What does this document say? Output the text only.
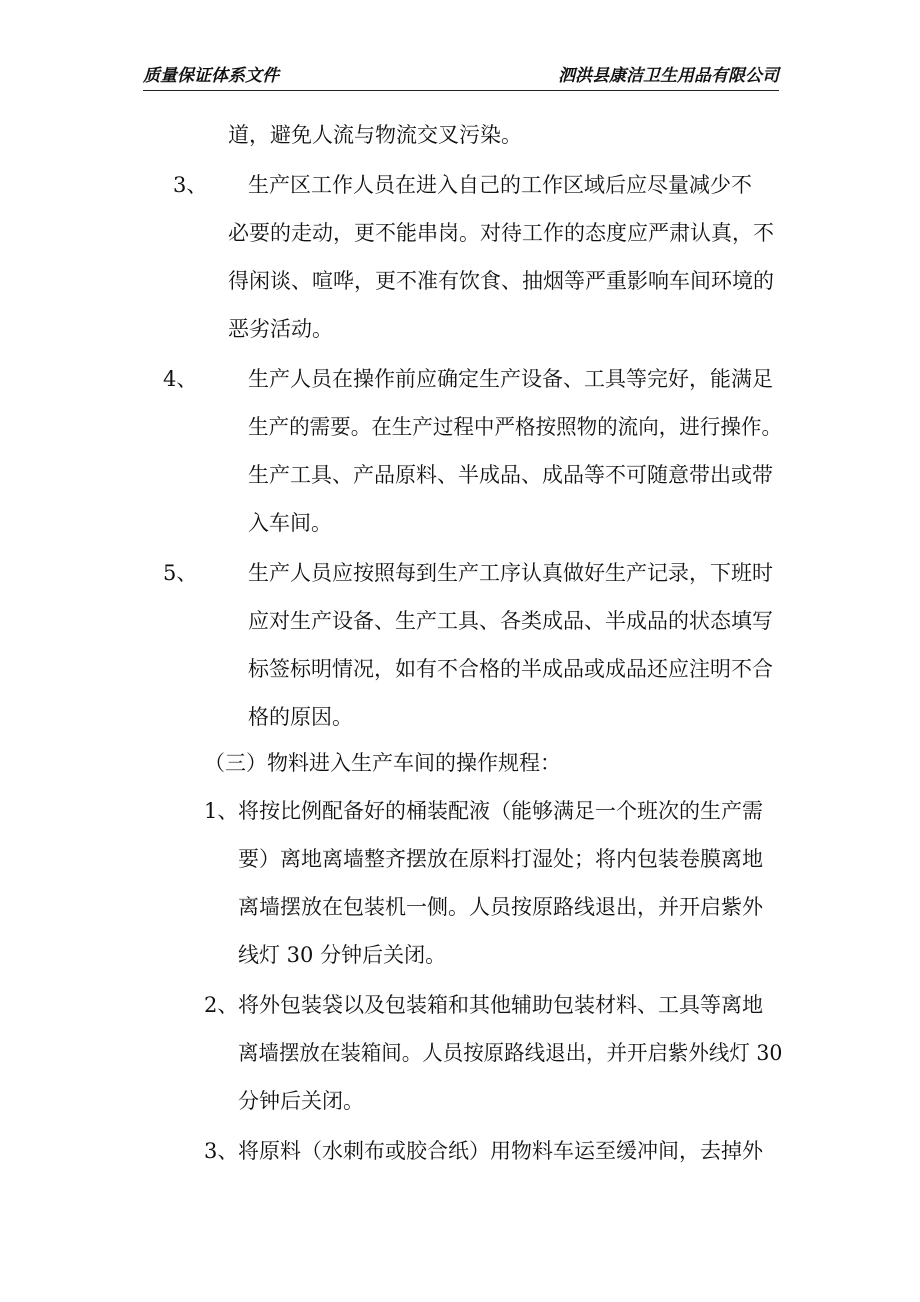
质量保证体系文件	泗洪县康洁卫生用品有限公司
道，避免人流与物流交叉污染。
3、 生产区工作人员在进入自己的工作区域后应尽量减少不
必要的走动，更不能串岗。对待工作的态度应严肃认真，不
得闲谈、喧哗，更不准有饮食、抽烟等严重影响车间环境的
恶劣活动。
4、 生产人员在操作前应确定生产设备、工具等完好，能满足
生产的需要。在生产过程中严格按照物的流向，进行操作。
生产工具、产品原料、半成品、成品等不可随意带出或带
入车间。
5、 生产人员应按照每到生产工序认真做好生产记录，下班时
应对生产设备、生产工具、各类成品、半成品的状态填写
标签标明情况，如有不合格的半成品或成品还应注明不合
格的原因。
（三）物料进入生产车间的操作规程：
1、 将按比例配备好的桶装配液（能够满足一个班次的生产需
要）离地离墙整齐摆放在原料打湿处；将内包装卷膜离地
离墙摆放在包装机一侧。人员按原路线退出，并开启紫外
线灯 30 分钟后关闭。
2、 将外包装袋以及包装箱和其他辅助包装材料、工具等离地
离墙摆放在装箱间。人员按原路线退出，并开启紫外线灯 30
分钟后关闭。
3、 将原料（水刺布或胶合纸）用物料车运至缓冲间，去掉外
